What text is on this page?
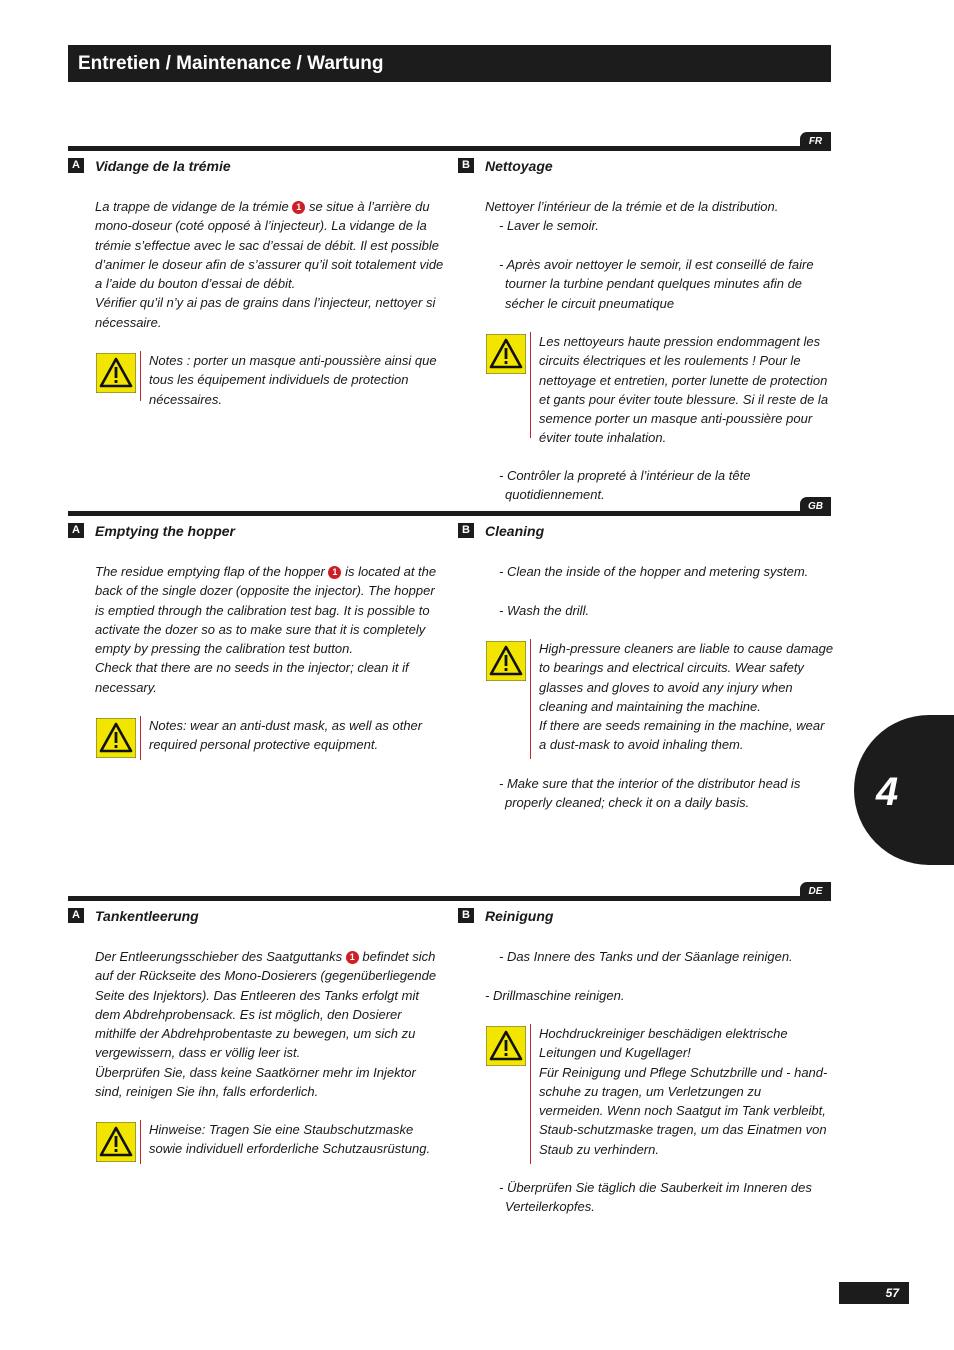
Entretien / Maintenance / Wartung
FR
A Vidange de la trémie

La trappe de vidange de la trémie 1 se situe à l’arrière du mono-doseur (coté opposé à l’injecteur). La vidange de la trémie s’effectue avec le sac d’essai de débit. Il est possible d’animer le doseur afin de s’assurer qu’il soit totalement vide a l’aide du bouton d’essai de débit.

Vérifier qu’il n’y ai pas de grains dans l’injecteur, nettoyer si nécessaire.

Notes : porter un masque anti-poussière ainsi que tous les équipement individuels de protection nécessaires.

B Nettoyage

Nettoyer l’intérieur de la trémie et de la distribution.

- Laver le semoir.

- Après avoir nettoyer le semoir, il est conseillé de faire tourner la turbine pendant quelques minutes afin de sécher le circuit pneumatique

Les nettoyeurs haute pression endommagent les circuits électriques et les roulements ! Pour le nettoyage et entretien, porter lunette de protection et gants pour éviter toute blessure. Si il reste de la semence porter un masque anti-poussière pour éviter toute inhalation.

- Contrôler la propreté à l’intérieur de la tête quotidiennement.

GB
A Emptying the hopper

The residue emptying flap of the hopper 1 is located at the back of the single dozer (opposite the injector). The hopper is emptied through the calibration test bag. It is possible to activate the dozer so as to make sure that it is completely empty by pressing the calibration test button.

Check that there are no seeds in the injector; clean it if necessary.

Notes: wear an anti-dust mask, as well as other required personal protective equipment.

B Cleaning

- Clean the inside of the hopper and metering system.

- Wash the drill.

High-pressure cleaners are liable to cause damage to bearings and electrical circuits. Wear safety glasses and gloves to avoid any injury when cleaning and maintaining the machine.

If there are seeds remaining in the machine, wear a dust-mask to avoid inhaling them.

- Make sure that the interior of the distributor head is properly cleaned; check it on a daily basis.

DE
A Tankentleerung

Der Entleerungsschieber des Saatguttanks 1 befindet sich auf der Rückseite des Mono-Dosierers (gegenüberliegende Seite des Injektors). Das Entleeren des Tanks erfolgt mit dem Abdrehprobensack. Es ist möglich, den Dosierer mithilfe der Abdrehprobentaste zu bewegen, um sich zu vergewissern, dass er völlig leer ist.

Überprüfen Sie, dass keine Saatkörner mehr im Injektor sind, reinigen Sie ihn, falls erforderlich.

Hinweise: Tragen Sie eine Staubschutzmaske sowie individuell erforderliche Schutzausrüstung.

B Reinigung

- Das Innere des Tanks und der Säanlage reinigen.

- Drillmaschine reinigen.

Hochdruckreiniger beschädigen elektrische Leitungen und Kugellager!

Für Reinigung und Pflege Schutzbrille und - hand-schuhe zu tragen, um Verletzungen zu vermeiden. Wenn noch Saatgut im Tank verbleibt, Staub-schutzmaske tragen, um das Einatmen von Staub zu verhindern.

- Überprüfen Sie täglich die Sauberkeit im Inneren des Verteilerkopfes.

4
57
